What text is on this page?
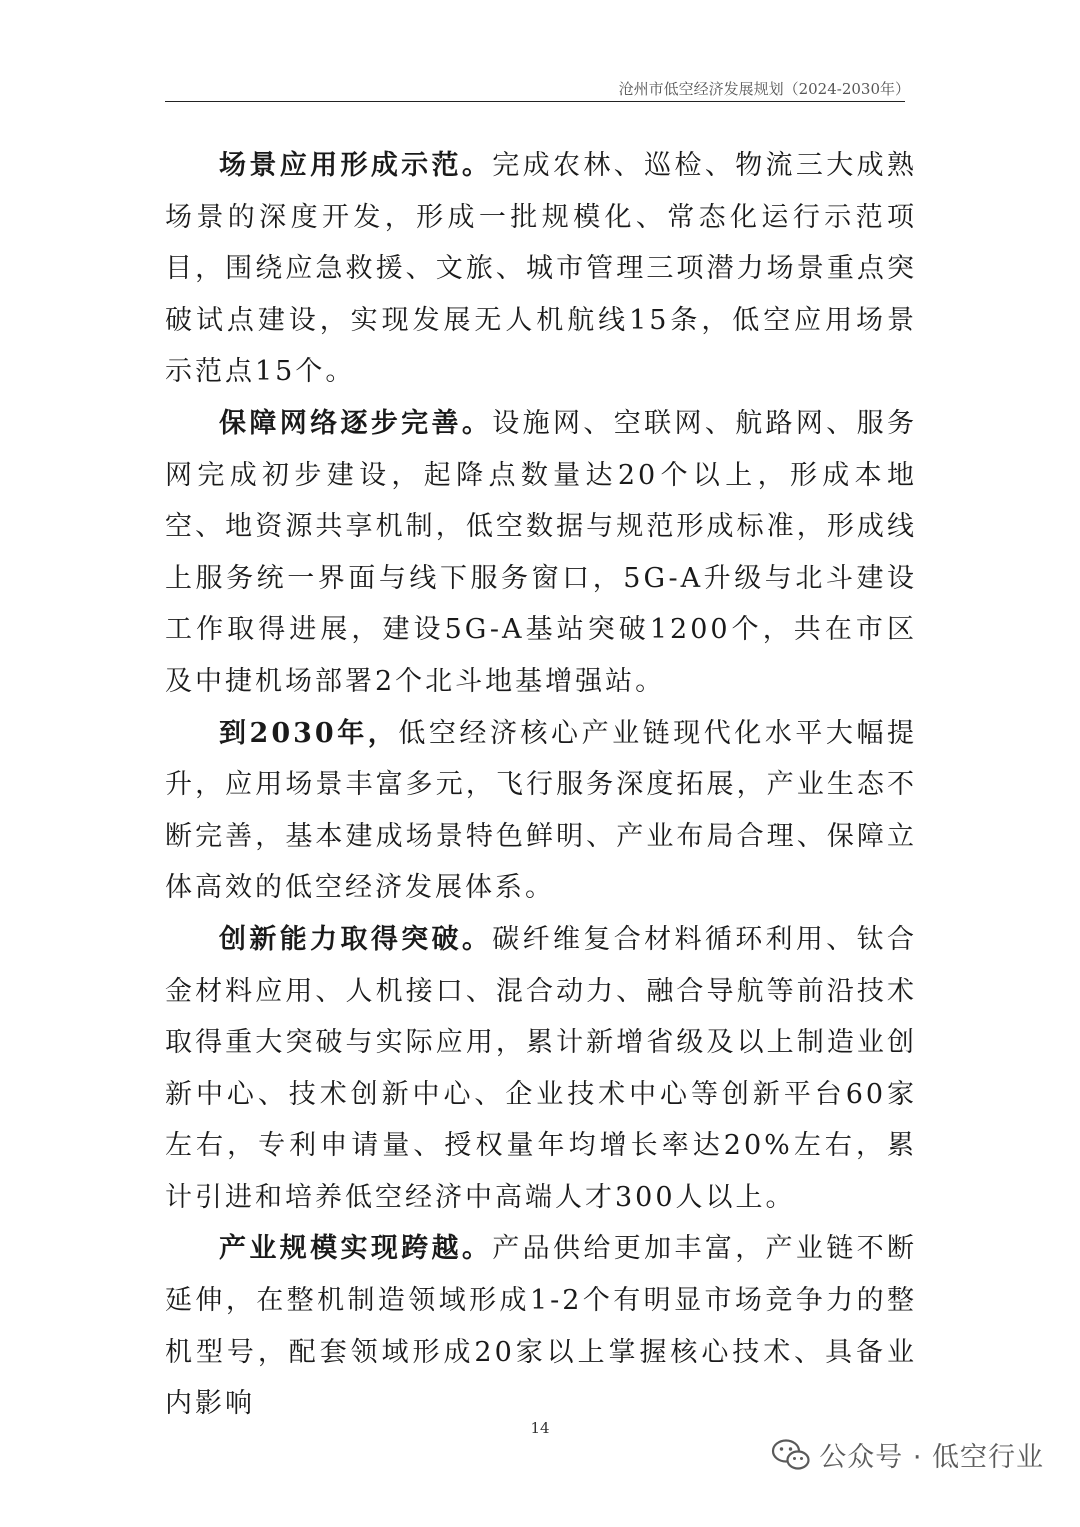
沧州市低空经济发展规划（2024-2030年）

场景应用形成示范。完成农林、巡检、物流三大成熟场景的深度开发，形成一批规模化、常态化运行示范项目，围绕应急救援、文旅、城市管理三项潜力场景重点突破试点建设，实现发展无人机航线15条，低空应用场景示范点15个。

保障网络逐步完善。设施网、空联网、航路网、服务网完成初步建设，起降点数量达20个以上，形成本地空、地资源共享机制，低空数据与规范形成标准，形成线上服务统一界面与线下服务窗口，5G-A升级与北斗建设工作取得进展，建设5G-A基站突破1200个，共在市区及中捷机场部署2个北斗地基增强站。

到2030年，低空经济核心产业链现代化水平大幅提升，应用场景丰富多元，飞行服务深度拓展，产业生态不断完善，基本建成场景特色鲜明、产业布局合理、保障立体高效的低空经济发展体系。

创新能力取得突破。碳纤维复合材料循环利用、钛合金材料应用、人机接口、混合动力、融合导航等前沿技术取得重大突破与实际应用，累计新增省级及以上制造业创新中心、技术创新中心、企业技术中心等创新平台60家左右，专利申请量、授权量年均增长率达20%左右，累计引进和培养低空经济中高端人才300人以上。

产业规模实现跨越。产品供给更加丰富，产业链不断延伸，在整机制造领域形成1-2个有明显市场竞争力的整机型号，配套领域形成20家以上掌握核心技术、具备业内影响

14
公众号 · 低空行业
